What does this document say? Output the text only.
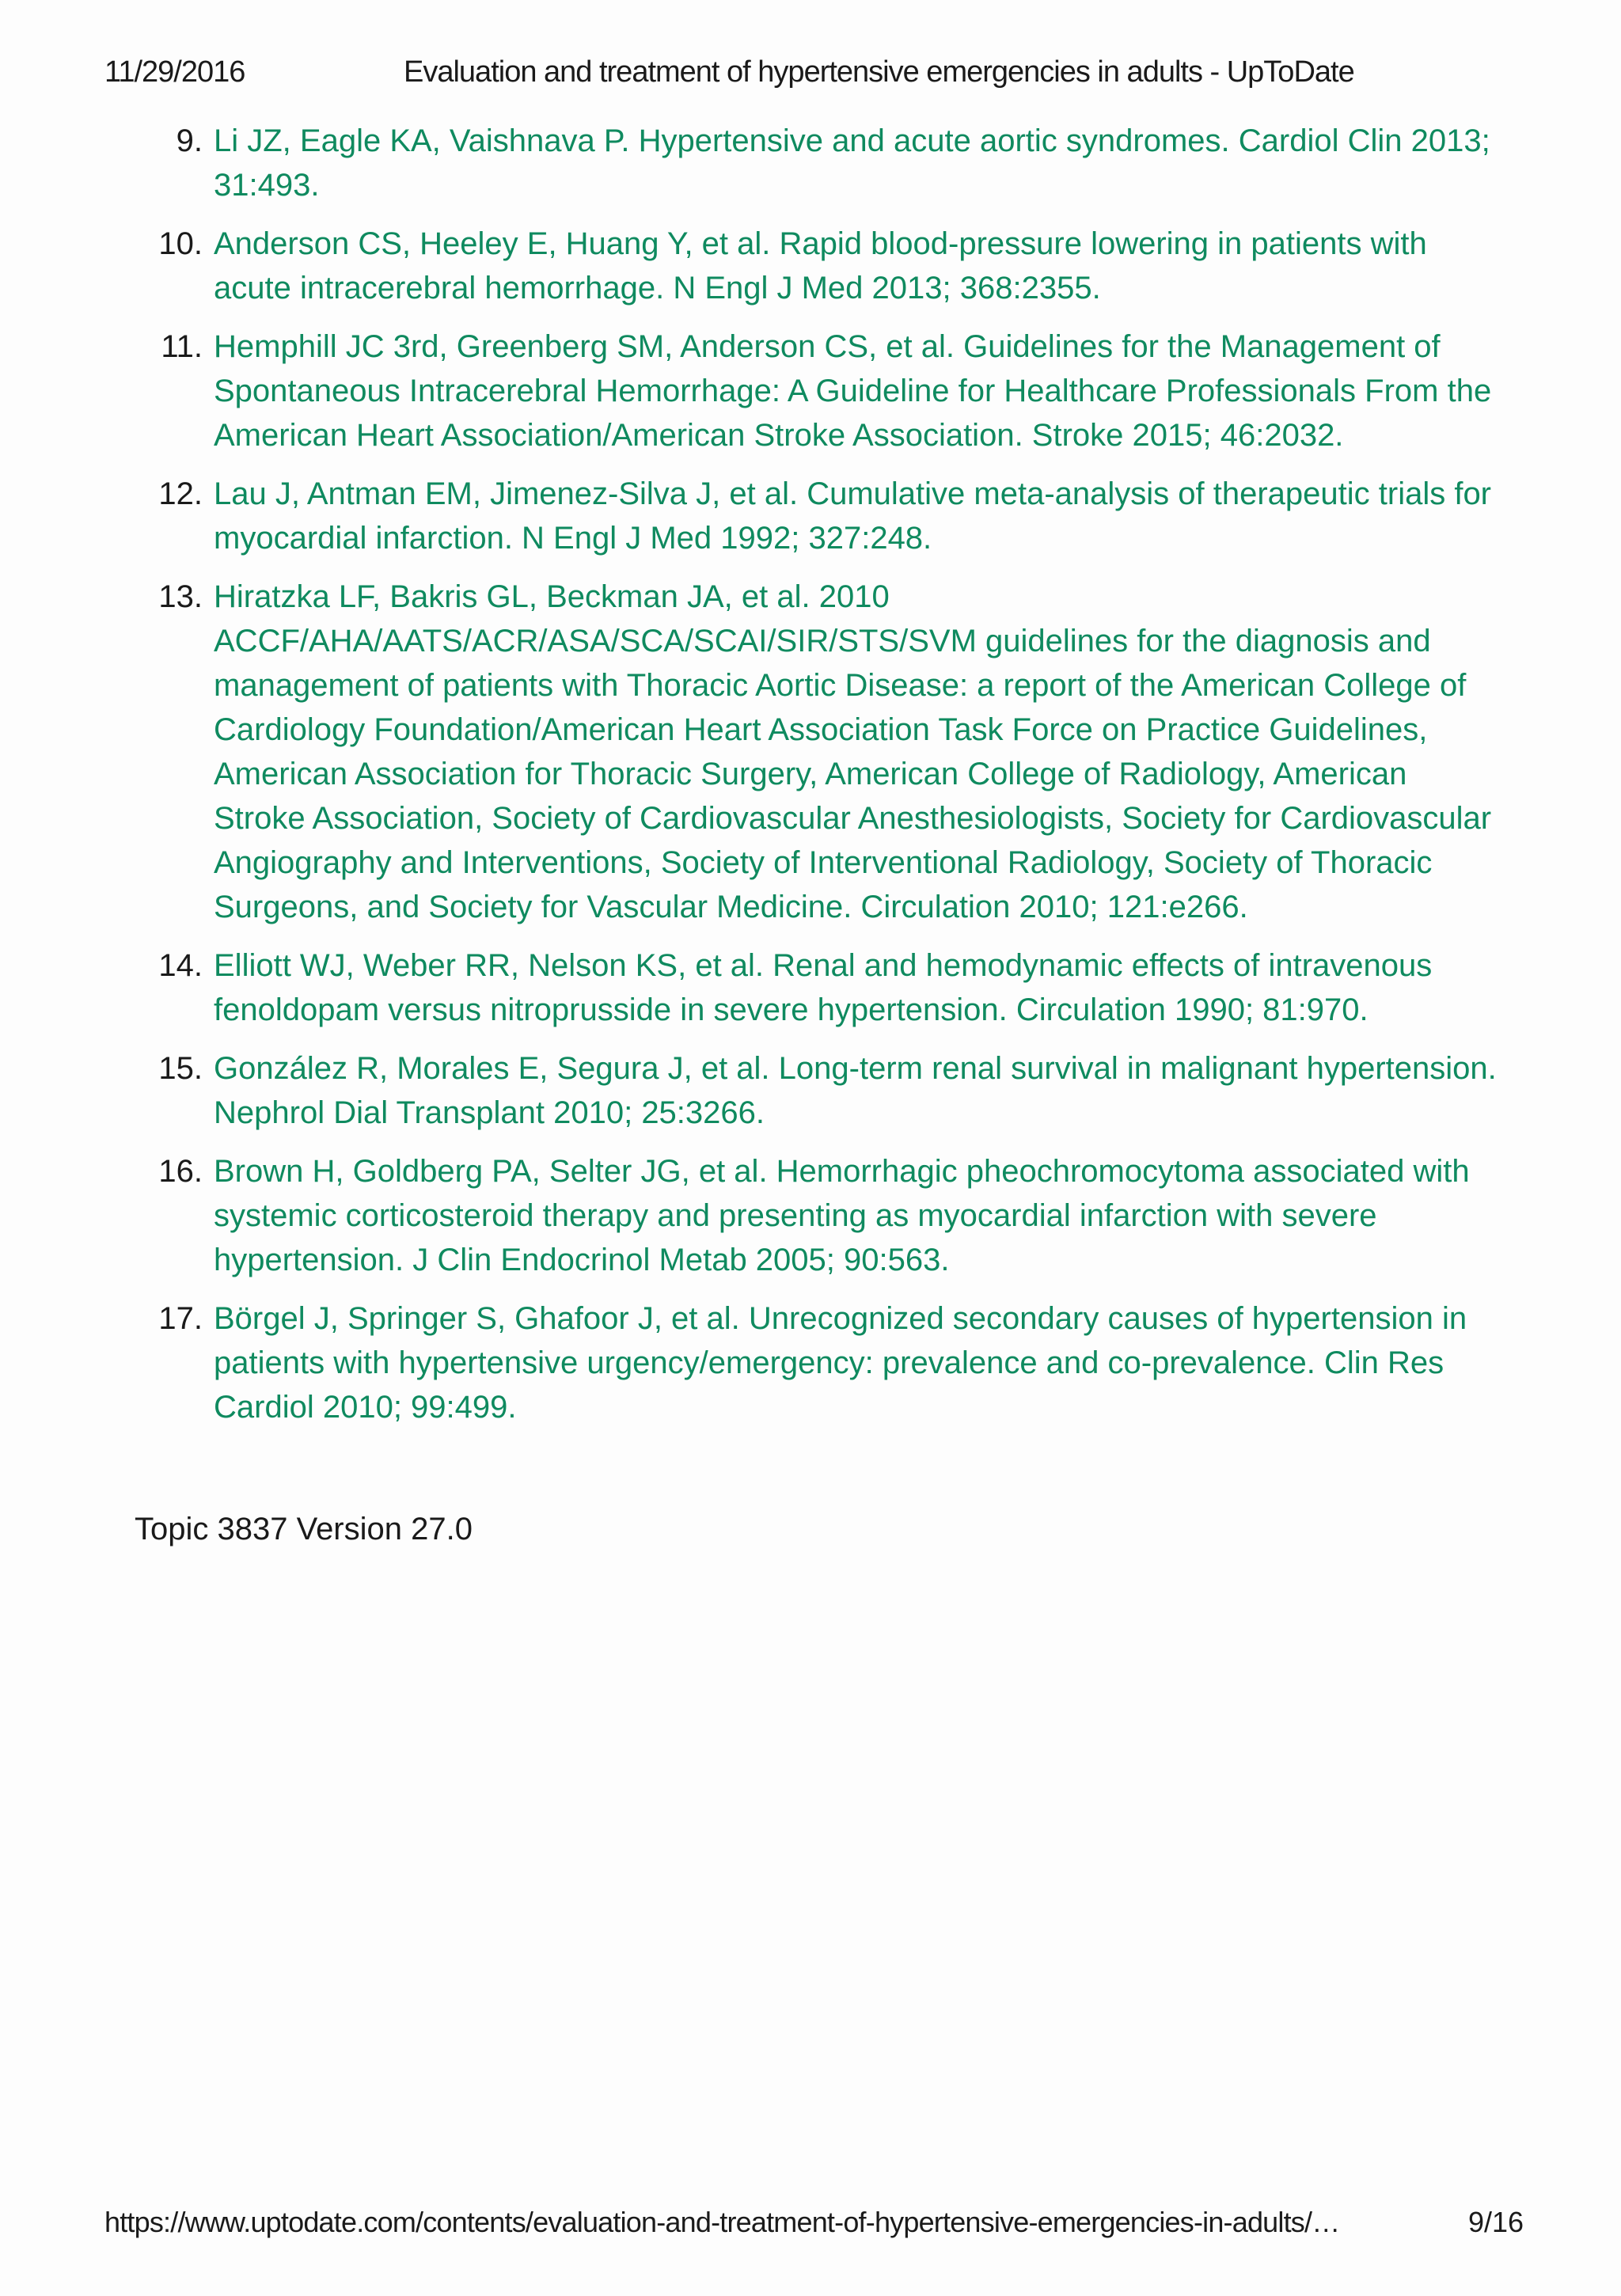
11/29/2016	Evaluation and treatment of hypertensive emergencies in adults - UpToDate
9. Li JZ, Eagle KA, Vaishnava P. Hypertensive and acute aortic syndromes. Cardiol Clin 2013; 31:493.
10. Anderson CS, Heeley E, Huang Y, et al. Rapid blood-pressure lowering in patients with acute intracerebral hemorrhage. N Engl J Med 2013; 368:2355.
11. Hemphill JC 3rd, Greenberg SM, Anderson CS, et al. Guidelines for the Management of Spontaneous Intracerebral Hemorrhage: A Guideline for Healthcare Professionals From the American Heart Association/American Stroke Association. Stroke 2015; 46:2032.
12. Lau J, Antman EM, Jimenez-Silva J, et al. Cumulative meta-analysis of therapeutic trials for myocardial infarction. N Engl J Med 1992; 327:248.
13. Hiratzka LF, Bakris GL, Beckman JA, et al. 2010 ACCF/AHA/AATS/ACR/ASA/SCA/SCAI/SIR/STS/SVM guidelines for the diagnosis and management of patients with Thoracic Aortic Disease: a report of the American College of Cardiology Foundation/American Heart Association Task Force on Practice Guidelines, American Association for Thoracic Surgery, American College of Radiology, American Stroke Association, Society of Cardiovascular Anesthesiologists, Society for Cardiovascular Angiography and Interventions, Society of Interventional Radiology, Society of Thoracic Surgeons, and Society for Vascular Medicine. Circulation 2010; 121:e266.
14. Elliott WJ, Weber RR, Nelson KS, et al. Renal and hemodynamic effects of intravenous fenoldopam versus nitroprusside in severe hypertension. Circulation 1990; 81:970.
15. González R, Morales E, Segura J, et al. Long-term renal survival in malignant hypertension. Nephrol Dial Transplant 2010; 25:3266.
16. Brown H, Goldberg PA, Selter JG, et al. Hemorrhagic pheochromocytoma associated with systemic corticosteroid therapy and presenting as myocardial infarction with severe hypertension. J Clin Endocrinol Metab 2005; 90:563.
17. Börgel J, Springer S, Ghafoor J, et al. Unrecognized secondary causes of hypertension in patients with hypertensive urgency/emergency: prevalence and co-prevalence. Clin Res Cardiol 2010; 99:499.
Topic 3837 Version 27.0
https://www.uptodate.com/contents/evaluation-and-treatment-of-hypertensive-emergencies-in-adults/…	9/16
